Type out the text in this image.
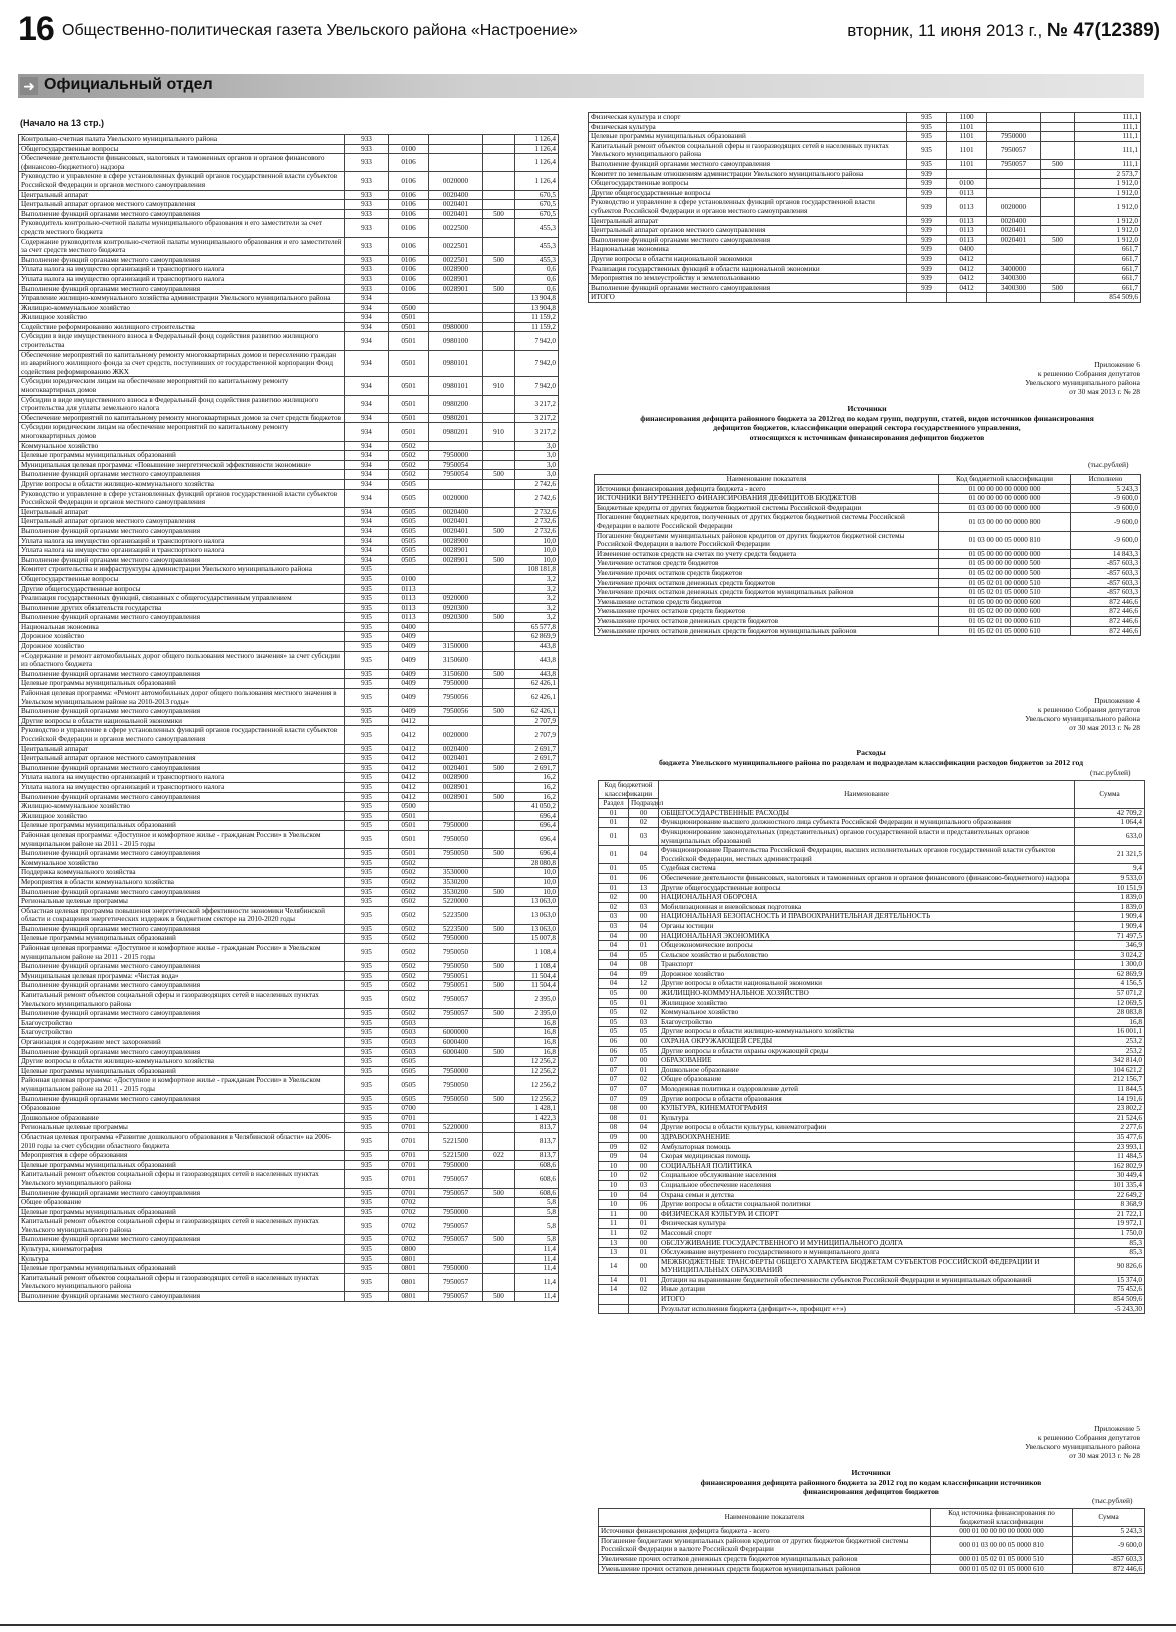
16 Общественно-политическая газета Увельского района «Настроение»	вторник, 11 июня 2013 г., № 47(12389)
➜ Официальный отдел
(Начало на 13 стр.)
Контрольно-счетная палата Увельского муниципального района	933				1 126,4
Общегосударственные вопросы	933	0100			1 126,4
Обеспечение деятельности финансовых, налоговых и таможенных органов и органов финансового (финансово-бюджетного) надзора	933	0106			1 126,4
Руководство и управление в сфере установленных функций органов государственной власти субъектов Российской Федерации и органов местного самоуправления	933	0106	0020000		1 126,4
Центральный аппарат	933	0106	0020400		670,5
Центральный аппарат органов местного самоуправления	933	0106	0020401		670,5
Выполнение функций органами местного самоуправления	933	0106	0020401	500	670,5
Руководитель контрольно-счетной палаты муниципального образования и его заместители за счет средств местного бюджета	933	0106	0022500		455,3
Содержание руководителя контрольно-счетной палаты муниципального образования и его заместителей за счет средств местного бюджета	933	0106	0022501		455,3
Выполнение функций органами местного самоуправления	933	0106	0022501	500	455,3
Уплата налога на имущество организаций и транспортного налога	933	0106	0028900		0,6
Уплата налога на имущество организаций и транспортного налога	933	0106	0028901		0,6
Выполнение функций органами местного самоуправления	933	0106	0028901	500	0,6
Управление жилищно-коммунального хозяйства администрации Увельского муниципального района	934				13 904,8
Жилищно-коммунальное хозяйство	934	0500			13 904,8
Жилищное хозяйство	934	0501			11 159,2
Содействие реформированию жилищного строительства	934	0501	0980000		11 159,2
Субсидии в виде имущественного взноса в Федеральный фонд содействия развитию жилищного строительства	934	0501	0980100		7 942,0
Обеспечение мероприятий по капитальному ремонту многоквартирных домов и переселению граждан из аварийного жилищного фонда за счет средств, поступивших от государственной корпорации Фонд содействия реформированию ЖКХ	934	0501	0980101		7 942,0
Субсидии юридическим лицам на обеспечение мероприятий по капитальному ремонту многоквартирных домов	934	0501	0980101	910	7 942,0
Субсидии в виде имущественного взноса в Федеральный фонд содействия развитию жилищного строительства для уплаты земельного налога	934	0501	0980200		3 217,2
Обеспечение мероприятий по капитальному ремонту многоквартирных домов за счет средств бюджетов	934	0501	0980201		3 217,2
Субсидии юридическим лицам на обеспечение мероприятий по капитальному ремонту многоквартирных домов	934	0501	0980201	910	3 217,2
Коммунальное хозяйство	934	0502			3,0
Целевые программы муниципальных образований	934	0502	7950000		3,0
Муниципальная целевая программа: «Повышение энергетической эффективности экономики»	934	0502	7950054		3,0
Выполнение функций органами местного самоуправления	934	0502	7950054	500	3,0
Другие вопросы в области жилищно-коммунального хозяйства	934	0505			2 742,6
Руководство и управление в сфере установленных функций органов государственной власти субъектов Российской Федерации и органов местного самоуправления	934	0505	0020000		2 742,6
Центральный аппарат	934	0505	0020400		2 732,6
Центральный аппарат органов местного самоуправления	934	0505	0020401		2 732,6
Выполнение функций органами местного самоуправления	934	0505	0020401	500	2 732,6
Уплата налога на имущество организаций и транспортного налога	934	0505	0028900		10,0
Уплата налога на имущество организаций и транспортного налога	934	0505	0028901		10,0
Выполнение функций органами местного самоуправления	934	0505	0028901	500	10,0
Комитет строительства и инфраструктуры администрации Увельского муниципального района	935				108 181,8
Общегосударственные вопросы	935	0100			3,2
Другие общегосударственные вопросы	935	0113			3,2
Реализация государственных функций, связанных с общегосударственным управлением	935	0113	0920000		3,2
Выполнение других обязательств государства	935	0113	0920300		3,2
Выполнение функций органами местного самоуправления	935	0113	0920300	500	3,2
Национальная экономика	935	0400			65 577,8
Дорожное хозяйство	935	0409			62 869,9
Дорожное хозяйство	935	0409	3150000		443,8
«Содержание и ремонт автомобильных дорог общего пользования местного значения» за счет субсидии из областного бюджета	935	0409	3150600		443,8
Выполнение функций органами местного самоуправления	935	0409	3150600	500	443,8
Целевые программы муниципальных образований	935	0409	7950000		62 426,1
Районная целевая программа: «Ремонт автомобильных дорог общего пользования местного значения в Увельском муниципальном районе на 2010-2013 годы»	935	0409	7950056		62 426,1
Выполнение функций органами местного самоуправления	935	0409	7950056	500	62 426,1
Другие вопросы в области национальной экономики	935	0412			2 707,9
Руководство и управление в сфере установленных функций органов государственной власти субъектов Российской Федерации и органов местного самоуправления	935	0412	0020000		2 707,9
Центральный аппарат	935	0412	0020400		2 691,7
Центральный аппарат органов местного самоуправления	935	0412	0020401		2 691,7
Выполнение функций органами местного самоуправления	935	0412	0020401	500	2 691,7
Уплата налога на имущество организаций и транспортного налога	935	0412	0028900		16,2
Уплата налога на имущество организаций и транспортного налога	935	0412	0028901		16,2
Выполнение функций органами местного самоуправления	935	0412	0028901	500	16,2
Жилищно-коммунальное хозяйство	935	0500			41 050,2
Жилищное хозяйство	935	0501			696,4
Целевые программы муниципальных образований	935	0501	7950000		696,4
Районная целевая программа: «Доступное и комфортное жилье - гражданам России» в Увельском муниципальном районе на 2011 - 2015 годы	935	0501	7950050		696,4
Выполнение функций органами местного самоуправления	935	0501	7950050	500	696,4
Коммунальное хозяйство	935	0502			28 080,8
Поддержка коммунального хозяйства	935	0502	3530000		10,0
Мероприятия в области коммунального хозяйства	935	0502	3530200		10,0
Выполнение функций органами местного самоуправления	935	0502	3530200	500	10,0
Региональные целевые программы	935	0502	5220000		13 063,0
Областная целевая программа повышения энергетической эффективности экономики Челябинской области и сокращения энергетических издержек в бюджетном секторе на 2010-2020 годы	935	0502	5223500		13 063,0
Выполнение функций органами местного самоуправления	935	0502	5223500	500	13 063,0
Целевые программы муниципальных образований	935	0502	7950000		15 007,8
Районная целевая программа: «Доступное и комфортное жилье - гражданам России» в Увельском муниципальном районе на 2011 - 2015 годы	935	0502	7950050		1 108,4
Выполнение функций органами местного самоуправления	935	0502	7950050	500	1 108,4
Муниципальная целевая программа: «Чистая вода»	935	0502	7950051		11 504,4
Выполнение функций органами местного самоуправления	935	0502	7950051	500	11 504,4
Капитальный ремонт объектов социальной сферы и газоразводящих сетей в населенных пунктах Увельского муниципального района	935	0502	7950057		2 395,0
Выполнение функций органами местного самоуправления	935	0502	7950057	500	2 395,0
Благоустройство	935	0503			16,8
Благоустройство	935	0503	6000000		16,8
Организация и содержание мест захоронений	935	0503	6000400		16,8
Выполнение функций органами местного самоуправления	935	0503	6000400	500	16,8
Другие вопросы в области жилищно-коммунального хозяйства	935	0505			12 256,2
Целевые программы муниципальных образований	935	0505	7950000		12 256,2
Районная целевая программа: «Доступное и комфортное жилье - гражданам России» в Увельском муниципальном районе на 2011 - 2015 годы	935	0505	7950050		12 256,2
Выполнение функций органами местного самоуправления	935	0505	7950050	500	12 256,2
Образование	935	0700			1 428,1
Дошкольное образование	935	0701			1 422,3
Региональные целевые программы	935	0701	5220000		813,7
Областная целевая программа «Развитие дошкольного образования в Челябинской области» на 2006-2010 годы за счет субсидии областного бюджета	935	0701	5221500		813,7
Мероприятия в сфере образования	935	0701	5221500	022	813,7
Целевые программы муниципальных образований	935	0701	7950000		608,6
Капитальный ремонт объектов социальной сферы и газоразводящих сетей в населенных пунктах Увельского муниципального района	935	0701	7950057		608,6
Выполнение функций органами местного самоуправления	935	0701	7950057	500	608,6
Общее образование	935	0702			5,8
Целевые программы муниципальных образований	935	0702	7950000		5,8
Капитальный ремонт объектов социальной сферы и газоразводящих сетей в населенных пунктах Увельского муниципального района	935	0702	7950057		5,8
Выполнение функций органами местного самоуправления	935	0702	7950057	500	5,8
Культура, кинематография	935	0800			11,4
Культура	935	0801			11,4
Целевые программы муниципальных образований	935	0801	7950000		11,4
Капитальный ремонт объектов социальной сферы и газоразводящих сетей в населенных пунктах Увельского муниципального района	935	0801	7950057		11,4
Выполнение функций органами местного самоуправления	935	0801	7950057	500	11,4
Физическая культура и спорт	935	1100			111,1
Физическая культура	935	1101			111,1
Целевые программы муниципальных образований	935	1101	7950000		111,1
Капитальный ремонт объектов социальной сферы и газоразводящих сетей в населенных пунктах Увельского муниципального района	935	1101	7950057		111,1
Выполнение функций органами местного самоуправления	935	1101	7950057	500	111,1
Комитет по земельным отношениям администрации Увельского муниципального района	939				2 573,7
Общегосударственные вопросы	939	0100			1 912,0
Другие общегосударственные вопросы	939	0113			1 912,0
Руководство и управление в сфере установленных функций органов государственной власти субъектов Российской Федерации и органов местного самоуправления	939	0113	0020000		1 912,0
Центральный аппарат	939	0113	0020400		1 912,0
Центральный аппарат органов местного самоуправления	939	0113	0020401		1 912,0
Выполнение функций органами местного самоуправления	939	0113	0020401	500	1 912,0
Национальная экономика	939	0400			661,7
Другие вопросы в области национальной экономики	939	0412			661,7
Реализация государственных функций в области национальной экономики	939	0412	3400000		661,7
Мероприятия по землеустройству и землепользованию	939	0412	3400300		661,7
Выполнение функций органами местного самоуправления	939	0412	3400300	500	661,7
ИТОГО					854 509,6
Приложение 6
к решению Собрания депутатов
Увельского муниципального района
от 30 мая 2013 г. № 28
Источники
финансирования дефицита районного бюджета за 2012год по кодам групп, подгрупп, статей, видов источников финансирования
дефицитов бюджетов, классификации операций сектора государственного управления,
относящихся к источникам финансирования дефицитов бюджетов
(тыс.рублей)
Наименование показателя	Код бюджетной классификации	Исполнено
Источники финансирования дефицита бюджета - всего	01 00 00 00 00 0000 000	5 243,3
ИСТОЧНИКИ ВНУТРЕННЕГО ФИНАНСИРОВАНИЯ ДЕФИЦИТОВ БЮДЖЕТОВ	01 00 00 00 00 0000 000	-9 600,0
Бюджетные кредиты от других бюджетов бюджетной системы Российской Федерации	01 03 00 00 00 0000 000	-9 600,0
Погашение бюджетных кредитов, полученных от других бюджетов бюджетной системы Российской Федерации в валюте Российской Федерации	01 03 00 00 00 0000 800	-9 600,0
Погашение бюджетами муниципальных районов кредитов от других бюджетов бюджетной системы Российской Федерации в валюте Российской Федерации	01 03 00 00 05 0000 810	-9 600,0
Изменение остатков средств на счетах по учету средств бюджета	01 05 00 00 00 0000 000	14 843,3
Увеличение остатков средств бюджетов	01 05 00 00 00 0000 500	-857 603,3
Увеличение прочих остатков средств бюджетов	01 05 02 00 00 0000 500	-857 603,3
Увеличение прочих остатков денежных средств бюджетов	01 05 02 01 00 0000 510	-857 603,3
Увеличение прочих остатков денежных средств бюджетов муниципальных районов	01 05 02 01 05 0000 510	-857 603,3
Уменьшение остатков средств бюджетов	01 05 00 00 00 0000 600	872 446,6
Уменьшение прочих остатков средств бюджетов	01 05 02 00 00 0000 600	872 446,6
Уменьшение прочих остатков денежных средств бюджетов	01 05 02 01 00 0000 610	872 446,6
Уменьшение прочих остатков денежных средств бюджетов муниципальных районов	01 05 02 01 05 0000 610	872 446,6
Приложение 4
к решению Собрания депутатов
Увельского муниципального района
от 30 мая 2013 г. № 28
Расходы
бюджета Увельского муниципального района по разделам и подразделам классификации расходов бюджетов за 2012 год
(тыс.рублей)
Код бюджетной классификации		Наименование	Сумма
Раздел	Подраздел		
01	00	ОБЩЕГОСУДАРСТВЕННЫЕ РАСХОДЫ	42 709,2
01	02	Функционирование высшего должностного лица субъекта Российской Федерации и муниципального образования	1 064,4
01	03	Функционирование законодательных (представительных) органов государственной власти и представительных органов муниципальных образований	633,0
01	04	Функционирование Правительства Российской Федерации, высших исполнительных органов государственной власти субъектов Российской Федерации, местных администраций	21 321,5
01	05	Судебная система	9,4
01	06	Обеспечение деятельности финансовых, налоговых и таможенных органов и органов финансового (финансово-бюджетного) надзора	9 533,0
01	13	Другие общегосударственные вопросы	10 151,9
02	00	НАЦИОНАЛЬНАЯ ОБОРОНА	1 839,0
02	03	Мобилизационная и вневойсковая подготовка	1 839,0
03	00	НАЦИОНАЛЬНАЯ БЕЗОПАСНОСТЬ И ПРАВООХРАНИТЕЛЬНАЯ ДЕЯТЕЛЬНОСТЬ	1 909,4
03	04	Органы юстиции	1 909,4
04	00	НАЦИОНАЛЬНАЯ ЭКОНОМИКА	71 497,5
04	01	Общеэкономические вопросы	346,9
04	05	Сельское хозяйство и рыболовство	3 024,2
04	08	Транспорт	1 300,0
04	09	Дорожное хозяйство	62 869,9
04	12	Другие вопросы в области национальной экономики	4 156,5
05	00	ЖИЛИЩНО-КОММУНАЛЬНОЕ ХОЗЯЙСТВО	57 071,2
05	01	Жилищное хозяйство	12 069,5
05	02	Коммунальное хозяйство	28 083,8
05	03	Благоустройство	16,8
05	05	Другие вопросы в области жилищно-коммунального хозяйства	16 001,1
06	00	ОХРАНА ОКРУЖАЮЩЕЙ СРЕДЫ	253,2
06	05	Другие вопросы в области охраны окружающей среды	253,2
07	00	ОБРАЗОВАНИЕ	342 814,0
07	01	Дошкольное образование	104 621,2
07	02	Общее образование	212 156,7
07	07	Молодежная политика и оздоровление детей	11 844,5
07	09	Другие вопросы в области образования	14 191,6
08	00	КУЛЬТУРА, КИНЕМАТОГРАФИЯ	23 802,2
08	01	Культура	21 524,6
08	04	Другие вопросы в области культуры, кинематографии	2 277,6
09	00	ЗДРАВООХРАНЕНИЕ	35 477,6
09	02	Амбулаторная помощь	23 993,1
09	04	Скорая медицинская помощь	11 484,5
10	00	СОЦИАЛЬНАЯ ПОЛИТИКА	162 802,9
10	02	Социальное обслуживание населения	30 449,4
10	03	Социальное обеспечение населения	101 335,4
10	04	Охрана семьи и детства	22 649,2
10	06	Другие вопросы в области социальной политики	8 368,9
11	00	ФИЗИЧЕСКАЯ КУЛЬТУРА И СПОРТ	21 722,1
11	01	Физическая культура	19 972,1
11	02	Массовый спорт	1 750,0
13	00	ОБСЛУЖИВАНИЕ ГОСУДАРСТВЕННОГО И МУНИЦИПАЛЬНОГО ДОЛГА	85,3
13	01	Обслуживание внутреннего государственного и муниципального долга	85,3
14	00	МЕЖБЮДЖЕТНЫЕ ТРАНСФЕРТЫ ОБЩЕГО ХАРАКТЕРА БЮДЖЕТАМ СУБЪЕКТОВ РОССИЙСКОЙ ФЕДЕРАЦИИ И МУНИЦИПАЛЬНЫХ ОБРАЗОВАНИЙ	90 826,6
14	01	Дотации на выравнивание бюджетной обеспеченности субъектов Российской Федерации и муниципальных образований	15 374,0
14	02	Иные дотации	75 452,6
		ИТОГО	854 509,6
		Результат исполнения бюджета (дефицит«-», профицит «+»)	-5 243,30
Приложение 5
к решению Собрания депутатов
Увельского муниципального района
от 30 мая 2013 г. № 28
Источники
финансирования дефицита районного бюджета за 2012 год по кодам классификации источников
финансирования дефицитов бюджетов
(тыс.рублей)
Наименование показателя	Код источника финансирования по бюджетной классификации	Сумма
Источники финансирования дефицита бюджета - всего	000 01 00 00 00 00 0000 000	5 243,3
Погашение бюджетами муниципальных районов кредитов от других бюджетов бюджетной системы Российской Федерации в валюте Российской Федерации	000 01 03 00 00 05 0000 810	-9 600,0
Увеличение прочих остатков денежных средств бюджетов муниципальных районов	000 01 05 02 01 05 0000 510	-857 603,3
Уменьшение прочих остатков денежных средств бюджетов муниципальных районов	000 01 05 02 01 05 0000 610	872 446,6
